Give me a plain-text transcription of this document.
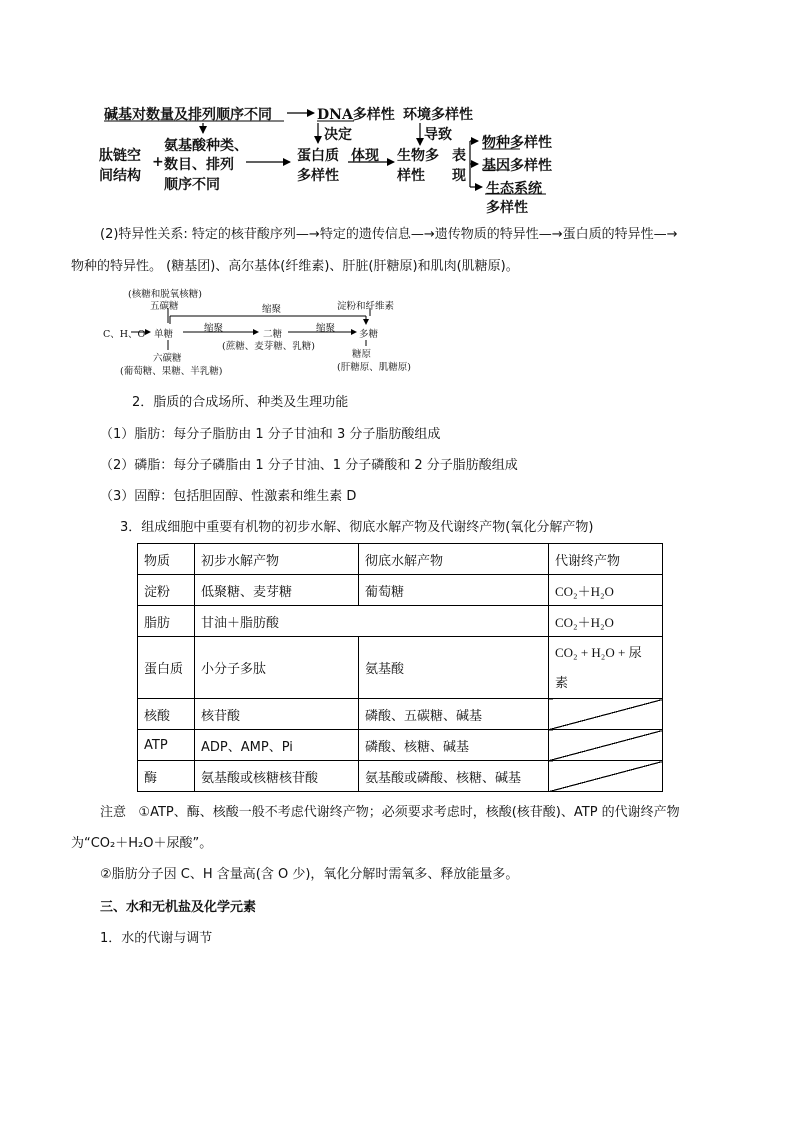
碱基对数量及排列顺序不同	DNA多样性 环境多样性
决定	导致
肽链空
间结构
+
氨基酸种类、
数目、排列
顺序不同
蛋白质
多样性
体现 生物多
样性
表
现
物种多样性
基因多样性
生态系统
多样性
(2)特异性关系: 特定的核苷酸序列—→特定的遗传信息—→遗传物质的特异性—→蛋白质的特异性—→
物种的特异性。 (糖基团)、高尔基体(纤维素)、肝脏(肝糖原)和肌肉(肌糖原)。
(核糖和脱氧核糖)
五碳糖	缩聚	淀粉和纤维素
C、H、O 单糖
缩聚
二糖
缩聚
多糖
(蔗糖、麦芽糖、乳糖)
糖原
六碳糖
(肝糖原、肌糖原)
(葡萄糖、果糖、半乳糖)
2．脂质的合成场所、种类及生理功能
（1）脂肪：每分子脂肪由 1 分子甘油和 3 分子脂肪酸组成
（2）磷脂：每分子磷脂由 1 分子甘油、1 分子磷酸和 2 分子脂肪酸组成
（3）固醇：包括胆固醇、性激素和维生素 D
3．组成细胞中重要有机物的初步水解、彻底水解产物及代谢终产物(氧化分解产物)
物质	初步水解产物	彻底水解产物	代谢终产物
淀粉	低聚糖、麦芽糖	葡萄糖	CO₂＋H₂O
脂肪	甘油＋脂肪酸		CO₂＋H₂O
蛋白质	小分子多肽	氨基酸	CO₂ + H₂O + 尿
素
核酸	核苷酸	磷酸、五碳糖、碱基	
ATP	ADP、AMP、Pi	磷酸、核糖、碱基	
酶	氨基酸或核糖核苷酸	氨基酸或磷酸、核糖、碱基	
注意 ①ATP、酶、核酸一般不考虑代谢终产物；必须要求考虑时，核酸(核苷酸)、ATP 的代谢终产物
为“CO₂＋H₂O＋尿酸”。
②脂肪分子因 C、H 含量高(含 O 少)，氧化分解时需氧多、释放能量多。
三、水和无机盐及化学元素
1．水的代谢与调节
